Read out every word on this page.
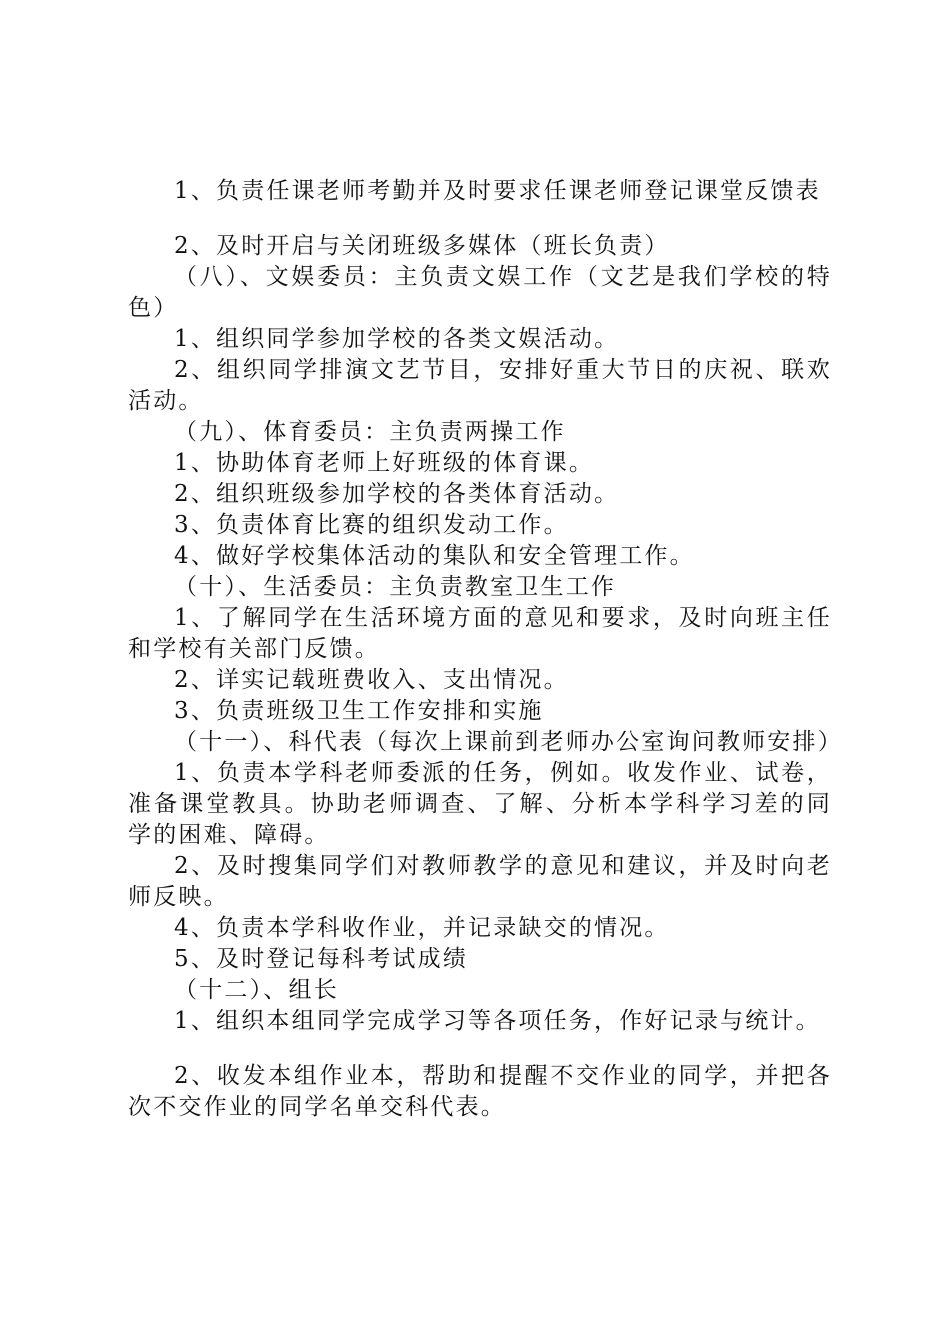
1、负责任课老师考勤并及时要求任课老师登记课堂反馈表

2、及时开启与关闭班级多媒体（班长负责）

（八）、文娱委员：主负责文娱工作（文艺是我们学校的特色）

1、组织同学参加学校的各类文娱活动。

2、组织同学排演文艺节目，安排好重大节日的庆祝、联欢活动。

（九）、体育委员：主负责两操工作

1、协助体育老师上好班级的体育课。

2、组织班级参加学校的各类体育活动。

3、负责体育比赛的组织发动工作。

4、做好学校集体活动的集队和安全管理工作。

（十）、生活委员：主负责教室卫生工作

1、了解同学在生活环境方面的意见和要求，及时向班主任和学校有关部门反馈。

2、详实记载班费收入、支出情况。

3、负责班级卫生工作安排和实施

（十一）、科代表（每次上课前到老师办公室询问教师安排）

1、负责本学科老师委派的任务，例如。收发作业、试卷，准备课堂教具。协助老师调查、了解、分析本学科学习差的同学的困难、障碍。

2、及时搜集同学们对教师教学的意见和建议，并及时向老师反映。

4、负责本学科收作业，并记录缺交的情况。

5、及时登记每科考试成绩

（十二）、组长

1、组织本组同学完成学习等各项任务，作好记录与统计。

2、收发本组作业本，帮助和提醒不交作业的同学，并把各次不交作业的同学名单交科代表。
